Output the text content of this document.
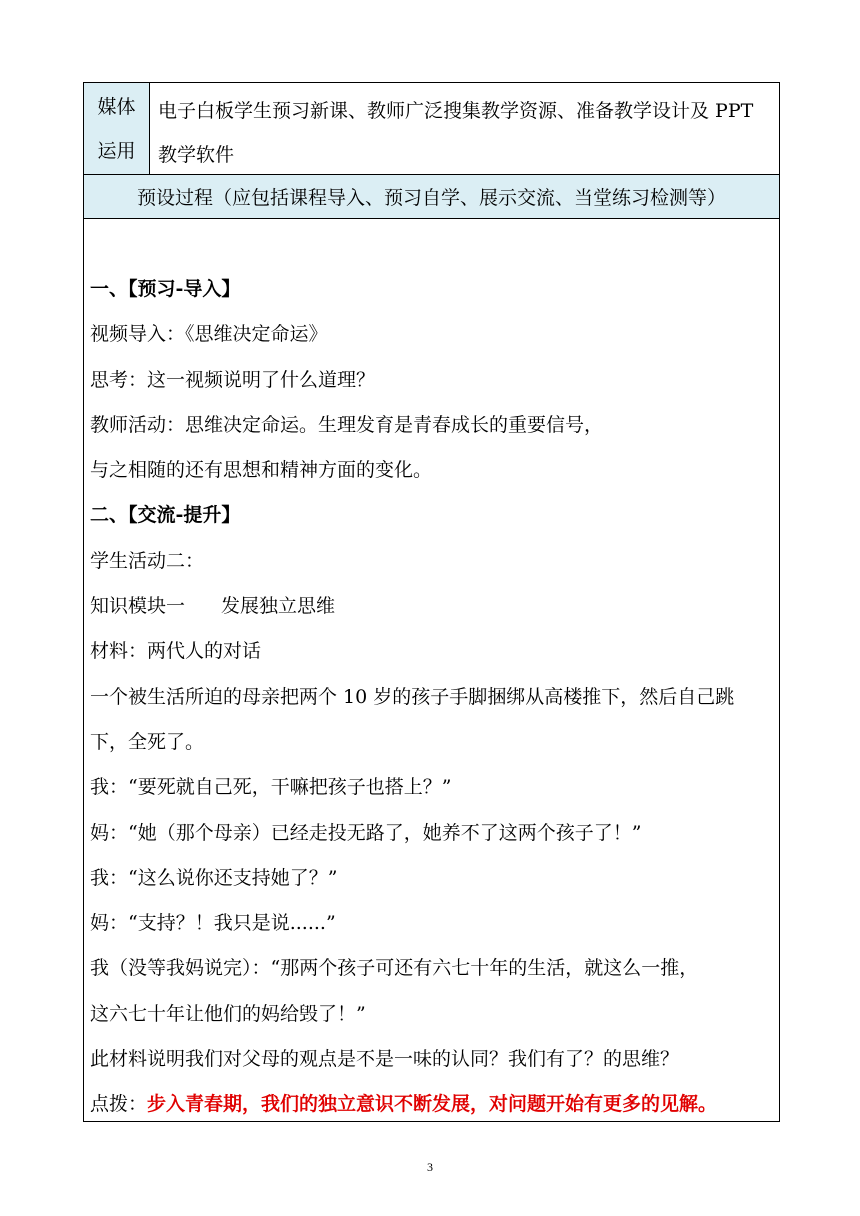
媒体
运用
电子白板学生预习新课、教师广泛搜集教学资源、准备教学设计及 PPT
教学软件
预设过程（应包括课程导入、预习自学、展示交流、当堂练习检测等）
一、【预习-导入】
视频导入：《思维决定命运》
思考：这一视频说明了什么道理？
教师活动：思维决定命运。生理发育是青春成长的重要信号，
与之相随的还有思想和精神方面的变化。
二、【交流-提升】
学生活动二：
知识模块一 发展独立思维
材料：两代人的对话
一个被生活所迫的母亲把两个 10 岁的孩子手脚捆绑从高楼推下，然后自己跳
下，全死了。
我：“要死就自己死，干嘛把孩子也搭上？”
妈：“她（那个母亲）已经走投无路了，她养不了这两个孩子了！”
我：“这么说你还支持她了？”
妈：“支持？！我只是说......”
我（没等我妈说完）：“那两个孩子可还有六七十年的生活，就这么一推，
这六七十年让他们的妈给毁了！”
此材料说明我们对父母的观点是不是一味的认同？我们有了？的思维？
点拨：步入青春期，我们的独立意识不断发展，对问题开始有更多的见解。
3
